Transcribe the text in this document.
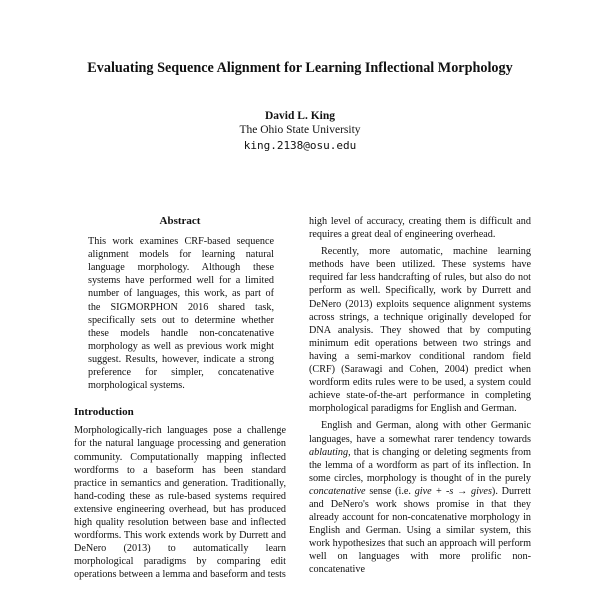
Evaluating Sequence Alignment for Learning Inflectional Morphology
David L. King
The Ohio State University
king.2138@osu.edu
Abstract

This work examines CRF-based sequence alignment models for learning natural language morphology. Although these systems have performed well for a limited number of languages, this work, as part of the SIGMORPHON 2016 shared task, specifically sets out to determine whether these models handle non-concatenative morphology as well as previous work might suggest. Results, however, indicate a strong preference for simpler, concatenative morphological systems.

Introduction

Morphologically-rich languages pose a challenge for the natural language processing and generation community. Computationally mapping inflected wordforms to a baseform has been standard practice in semantics and generation. Traditionally, hand-coding these as rule-based systems required extensive engineering overhead, but has produced high quality resolution between base and inflected wordforms. This work extends work by Durrett and DeNero (2013) to automatically learn morphological paradigms by comparing edit operations between a lemma and baseform and tests

high level of accuracy, creating them is difficult and requires a great deal of engineering overhead.

Recently, more automatic, machine learning methods have been utilized. These systems have required far less handcrafting of rules, but also do not perform as well. Specifically, work by Durrett and DeNero (2013) exploits sequence alignment systems across strings, a technique originally developed for DNA analysis. They showed that by computing minimum edit operations between two strings and having a semi-markov conditional random field (CRF) (Sarawagi and Cohen, 2004) predict when wordform edits rules were to be used, a system could achieve state-of-the-art performance in completing morphological paradigms for English and German.

English and German, along with other Germanic languages, have a somewhat rarer tendency towards ablauting, that is changing or deleting segments from the lemma of a wordform as part of its inflection. In some circles, morphology is thought of in the purely concatenative sense (i.e. give + -s → gives). Durrett and DeNero's work shows promise in that they already account for non-concatenative morphology in English and German. Using a similar system, this work hypothesizes that such an approach will perform well on languages with more prolific non-concatenative
